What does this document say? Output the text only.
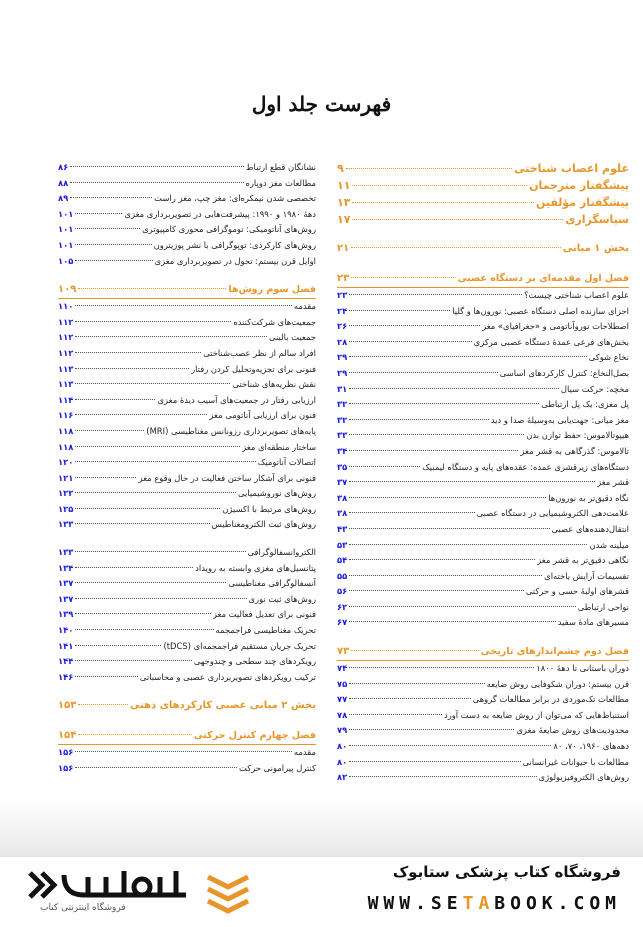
فهرست جلد اول
علوم اعصاب شناختی
۹
پیشگفتار مترجمان
۱۱
پیشگفتار مؤلفین
۱۳
سپاسگزاری
۱۷
بخش ۱ مبانی
۲۱
فصل اول مقدمه‌ای بر دستگاه عصبی
۲۳
علوم اعصاب شناختی چیست؟
۲۳
اجزای سازنده اصلی دستگاه عصبی: نورون‌ها و گلیا
۲۴
اصطلاحات نوروآناتومی و «جغرافیای» مغز
۲۶
بخش‌های فرعی عمدهٔ دستگاه عصبی مرکزی
۲۸
نخاع شوکی
۲۹
بصل‌النخاع: کنترل کارکردهای اساسی
۲۹
مخچه: حرکت سیال
۳۱
پل مغزی: یک پل ارتباطی
۳۲
مغز میانی: جهت‌یابی به‌وسیلهٔ صدا و دید
۳۲
هیپوتالاموس: حفظ توازن بدن
۳۳
تالاموس: گذرگاهی به قشر مغز
۳۴
دستگاه‌های زیرقشری عمده: عقده‌های پایه و دستگاه لیمبیک
۳۵
قشر مغز
۳۷
نگاه دقیق‌تر به نورون‌ها
۳۸
علامت‌دهی الکتروشیمیایی در دستگاه عصبی
۳۸
انتقال‌دهنده‌های عصبی
۴۳
میلینه شدن
۵۳
نگاهی دقیق‌تر به قشر مغز
۵۴
تقسیمات آرایش یاخته‌ای
۵۵
قشرهای اولیهٔ حسی و حرکتی
۵۶
نواحی ارتباطی
۶۲
مسیرهای مادهٔ سفید
۶۷
فصل دوم چشم‌اندازهای تاریخی
۷۳
دوران باستانی تا دههٔ ۱۸۰۰
۷۴
قرن بیستم: دوران شکوفایی روش ضایعه
۷۵
مطالعات تک‌موردی در برابر مطالعات گروهی
۷۷
استنباط‌هایی که می‌توان از روش ضایعه به دست آورد
۷۸
محدودیت‌های روش ضایعهٔ مغزی
۷۹
دهه‌های ۱۹۶۰، ۷۰، ۸۰
۸۰
مطالعات با حیوانات غیرانسانی
۸۰
روش‌های الکتروفیزیولوژی
۸۲
نشانگان قطع ارتباط
۸۶
مطالعات مغز دوپاره
۸۸
تخصصی شدن نیمکره‌ای: مغز چپ، مغز راست
۸۹
دههٔ ۱۹۸۰ و ۱۹۹۰: پیشرفت‌هایی در تصویربرداری مغزی
۱۰۱
روش‌های آناتومیکی: توموگرافی محوری کامپیوتری
۱۰۱
روش‌های کارکردی: توپوگرافی با نشر پوزیترون
۱۰۱
اوایل قرن بیستم: تحول در تصویربرداری مغزی
۱۰۵
فصل سوم روش‌ها
۱۰۹
مقدمه
۱۱۰
جمعیت‌های شرکت‌کننده
۱۱۲
جمعیت بالینی
۱۱۲
افراد سالم از نظر عصب‌شناختی
۱۱۲
فنونی برای تجزیه‌وتحلیل کردن رفتار
۱۱۳
نقش نظریه‌های شناختی
۱۱۳
ارزیابی رفتار در جمعیت‌های آسیب دیدهٔ مغزی
۱۱۴
فنون برای ارزیابی آناتومی مغز
۱۱۶
پایه‌های تصویربرداری رزونانس مغناطیسی (MRI)
۱۱۸
ساختار منطقه‌ای مغز
۱۱۸
اتصالات آناتومیک
۱۲۰
فنونی برای آشکار ساختن فعالیت در حال وقوع مغز
۱۲۱
روش‌های نوروشیمیایی
۱۲۲
روش‌های مرتبط با اکسیژن
۱۲۵
روش‌های ثبت الکترومغناطیس
۱۳۳
الکتروانسفالوگرافی
۱۳۳
پتانسیل‌های مغزی وابسته به رویداد
۱۳۴
آنسفالوگرافی مغناطیسی
۱۳۷
روش‌های ثبت نوری
۱۳۷
فنونی برای تعدیل فعالیت مغز
۱۳۹
تحریک مغناطیسی فراجمجمه
۱۴۰
تحریک جریان مستقیم فراجمجمه‌ای (tDCS)
۱۴۱
رویکردهای چند سطحی و چندوجهی
۱۴۴
ترکیب رویکردهای تصویربرداری عصبی و محاسباتی
۱۴۶
بخش ۲ مبانی عصبی کارکردهای ذهنی
۱۵۳
فصل چهارم کنترل حرکتی
۱۵۴
مقدمه
۱۵۶
کنترل پیرامونی حرکت
۱۵۶
فروشگاه کتاب پزشکی ستابوک
WWW.SETABOOK.COM
فروشگاه اینترنتی کتاب
